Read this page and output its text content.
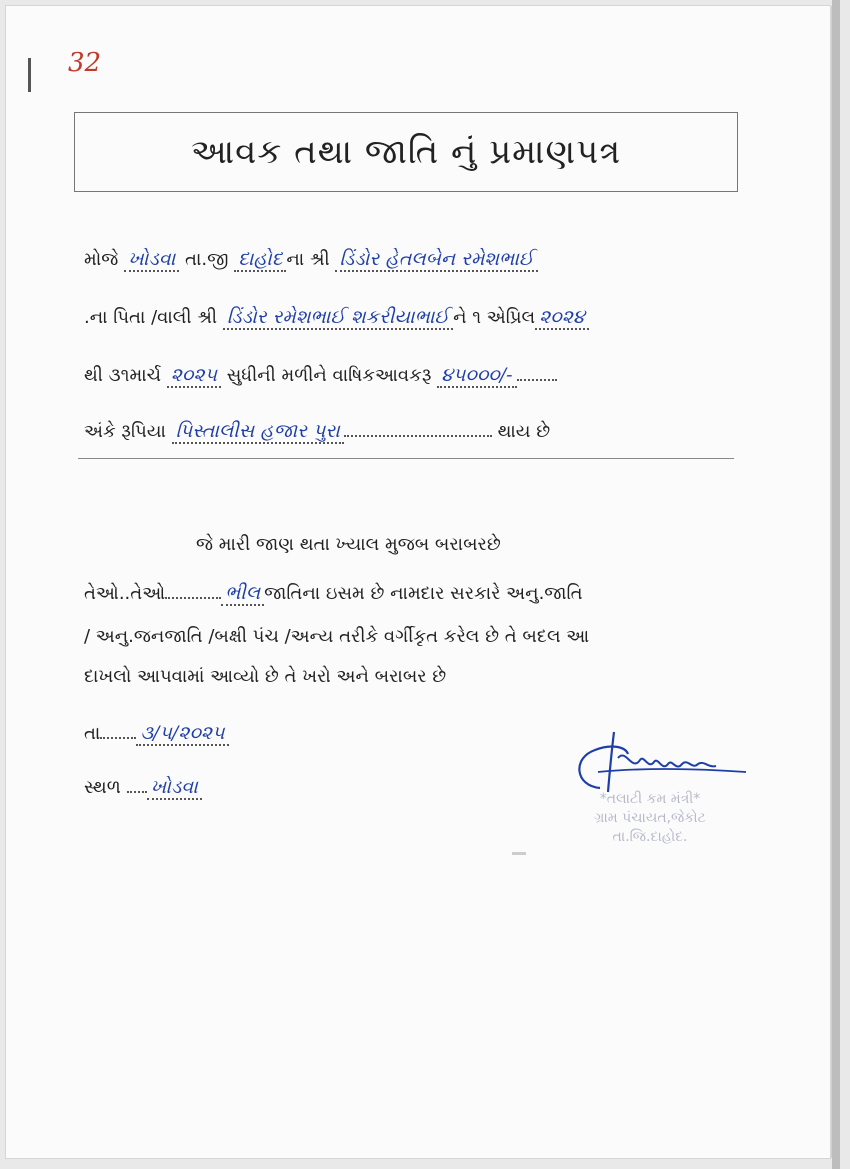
32
આવક તથા જાતિ નું પ્રમાણપત્ર
મોજે ખોડવા તા.જી દાહોદ ના શ્રી ડિંડોર હેતલબેન રમેશભાઈ
.ના પિતા /વાલી શ્રી ડિંડોર રમેશભાઈ શકરીયાભાઈ ને ૧ એપ્રિલ ૨૦૨૪
થી ૩૧માર્ચ ૨૦૨૫ સુધીની મળીને વાષિકઆવકરૂ ૪૫૦૦૦/-
અંકે રૂપિયા પિસ્તાલીસ હજાર પુરા	થાય છે
જે મારી જાણ થતા ખ્યાલ મુજબ બરાબરછે
તેઓ..તેઓ	ભીલ જાતિના ઇસમ છે નામદાર સરકારે અનુ.જાતિ
/ અનુ.જનજાતિ /બક્ષી પંચ /અન્ય તરીકે વર્ગીકૃત કરેલ છે તે બદલ આ
દાખલો આપવામાં આવ્યો છે તે ખરો અને બરાબર છે
તા ૩/૫/૨૦૨૫
સ્થળ ખોડવા
*તલાટી કમ મંત્રી*
ગ્રામ પંચાયત,જેકોટ
તા.જિ.દાહોદ.
